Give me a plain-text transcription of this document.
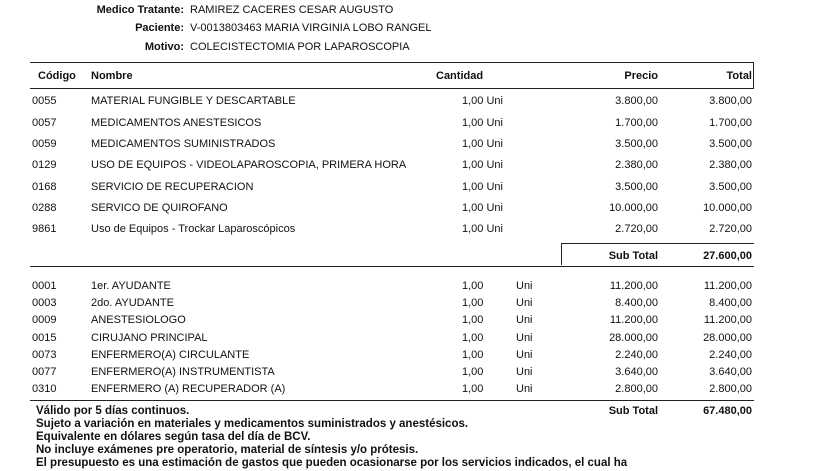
Medico Tratante: RAMIREZ CACERES CESAR AUGUSTO
Paciente: V-0013803463 MARIA VIRGINIA LOBO RANGEL
Motivo: COLECISTECTOMIA POR LAPAROSCOPIA
Código Nombre	Cantidad	Precio	Total
0055	MATERIAL FUNGIBLE Y DESCARTABLE	1,00 Uni	3.800,00	3.800,00
0057	MEDICAMENTOS ANESTESICOS	1,00 Uni	1.700,00	1.700,00
0059	MEDICAMENTOS SUMINISTRADOS	1,00 Uni	3.500,00	3.500,00
0129	USO DE EQUIPOS - VIDEOLAPAROSCOPIA, PRIMERA HORA	1,00 Uni	2.380,00	2.380,00
0168	SERVICIO DE RECUPERACION	1,00 Uni	3.500,00	3.500,00
0288	SERVICO DE QUIROFANO	1,00 Uni	10.000,00	10.000,00
9861	Uso de Equipos - Trockar Laparoscópicos	1,00 Uni	2.720,00	2.720,00
Sub Total	27.600,00
0001	1er. AYUDANTE	1,00	Uni	11.200,00	11.200,00
0003	2do. AYUDANTE	1,00	Uni	8.400,00	8.400,00
0009	ANESTESIOLOGO	1,00	Uni	11.200,00	11.200,00
0015	CIRUJANO PRINCIPAL	1,00	Uni	28.000,00	28.000,00
0073	ENFERMERO(A) CIRCULANTE	1,00	Uni	2.240,00	2.240,00
0077	ENFERMERO(A) INSTRUMENTISTA	1,00	Uni	3.640,00	3.640,00
0310	ENFERMERO (A) RECUPERADOR (A)	1,00	Uni	2.800,00	2.800,00
Sub Total	67.480,00
Válido por 5 días continuos.
Sujeto a variación en materiales y medicamentos suministrados y anestésicos.
Equivalente en dólares según tasa del día de BCV.
No incluye exámenes pre operatorio, material de síntesis y/o prótesis.
El presupuesto es una estimación de gastos que pueden ocasionarse por los servicios indicados, el cual ha
